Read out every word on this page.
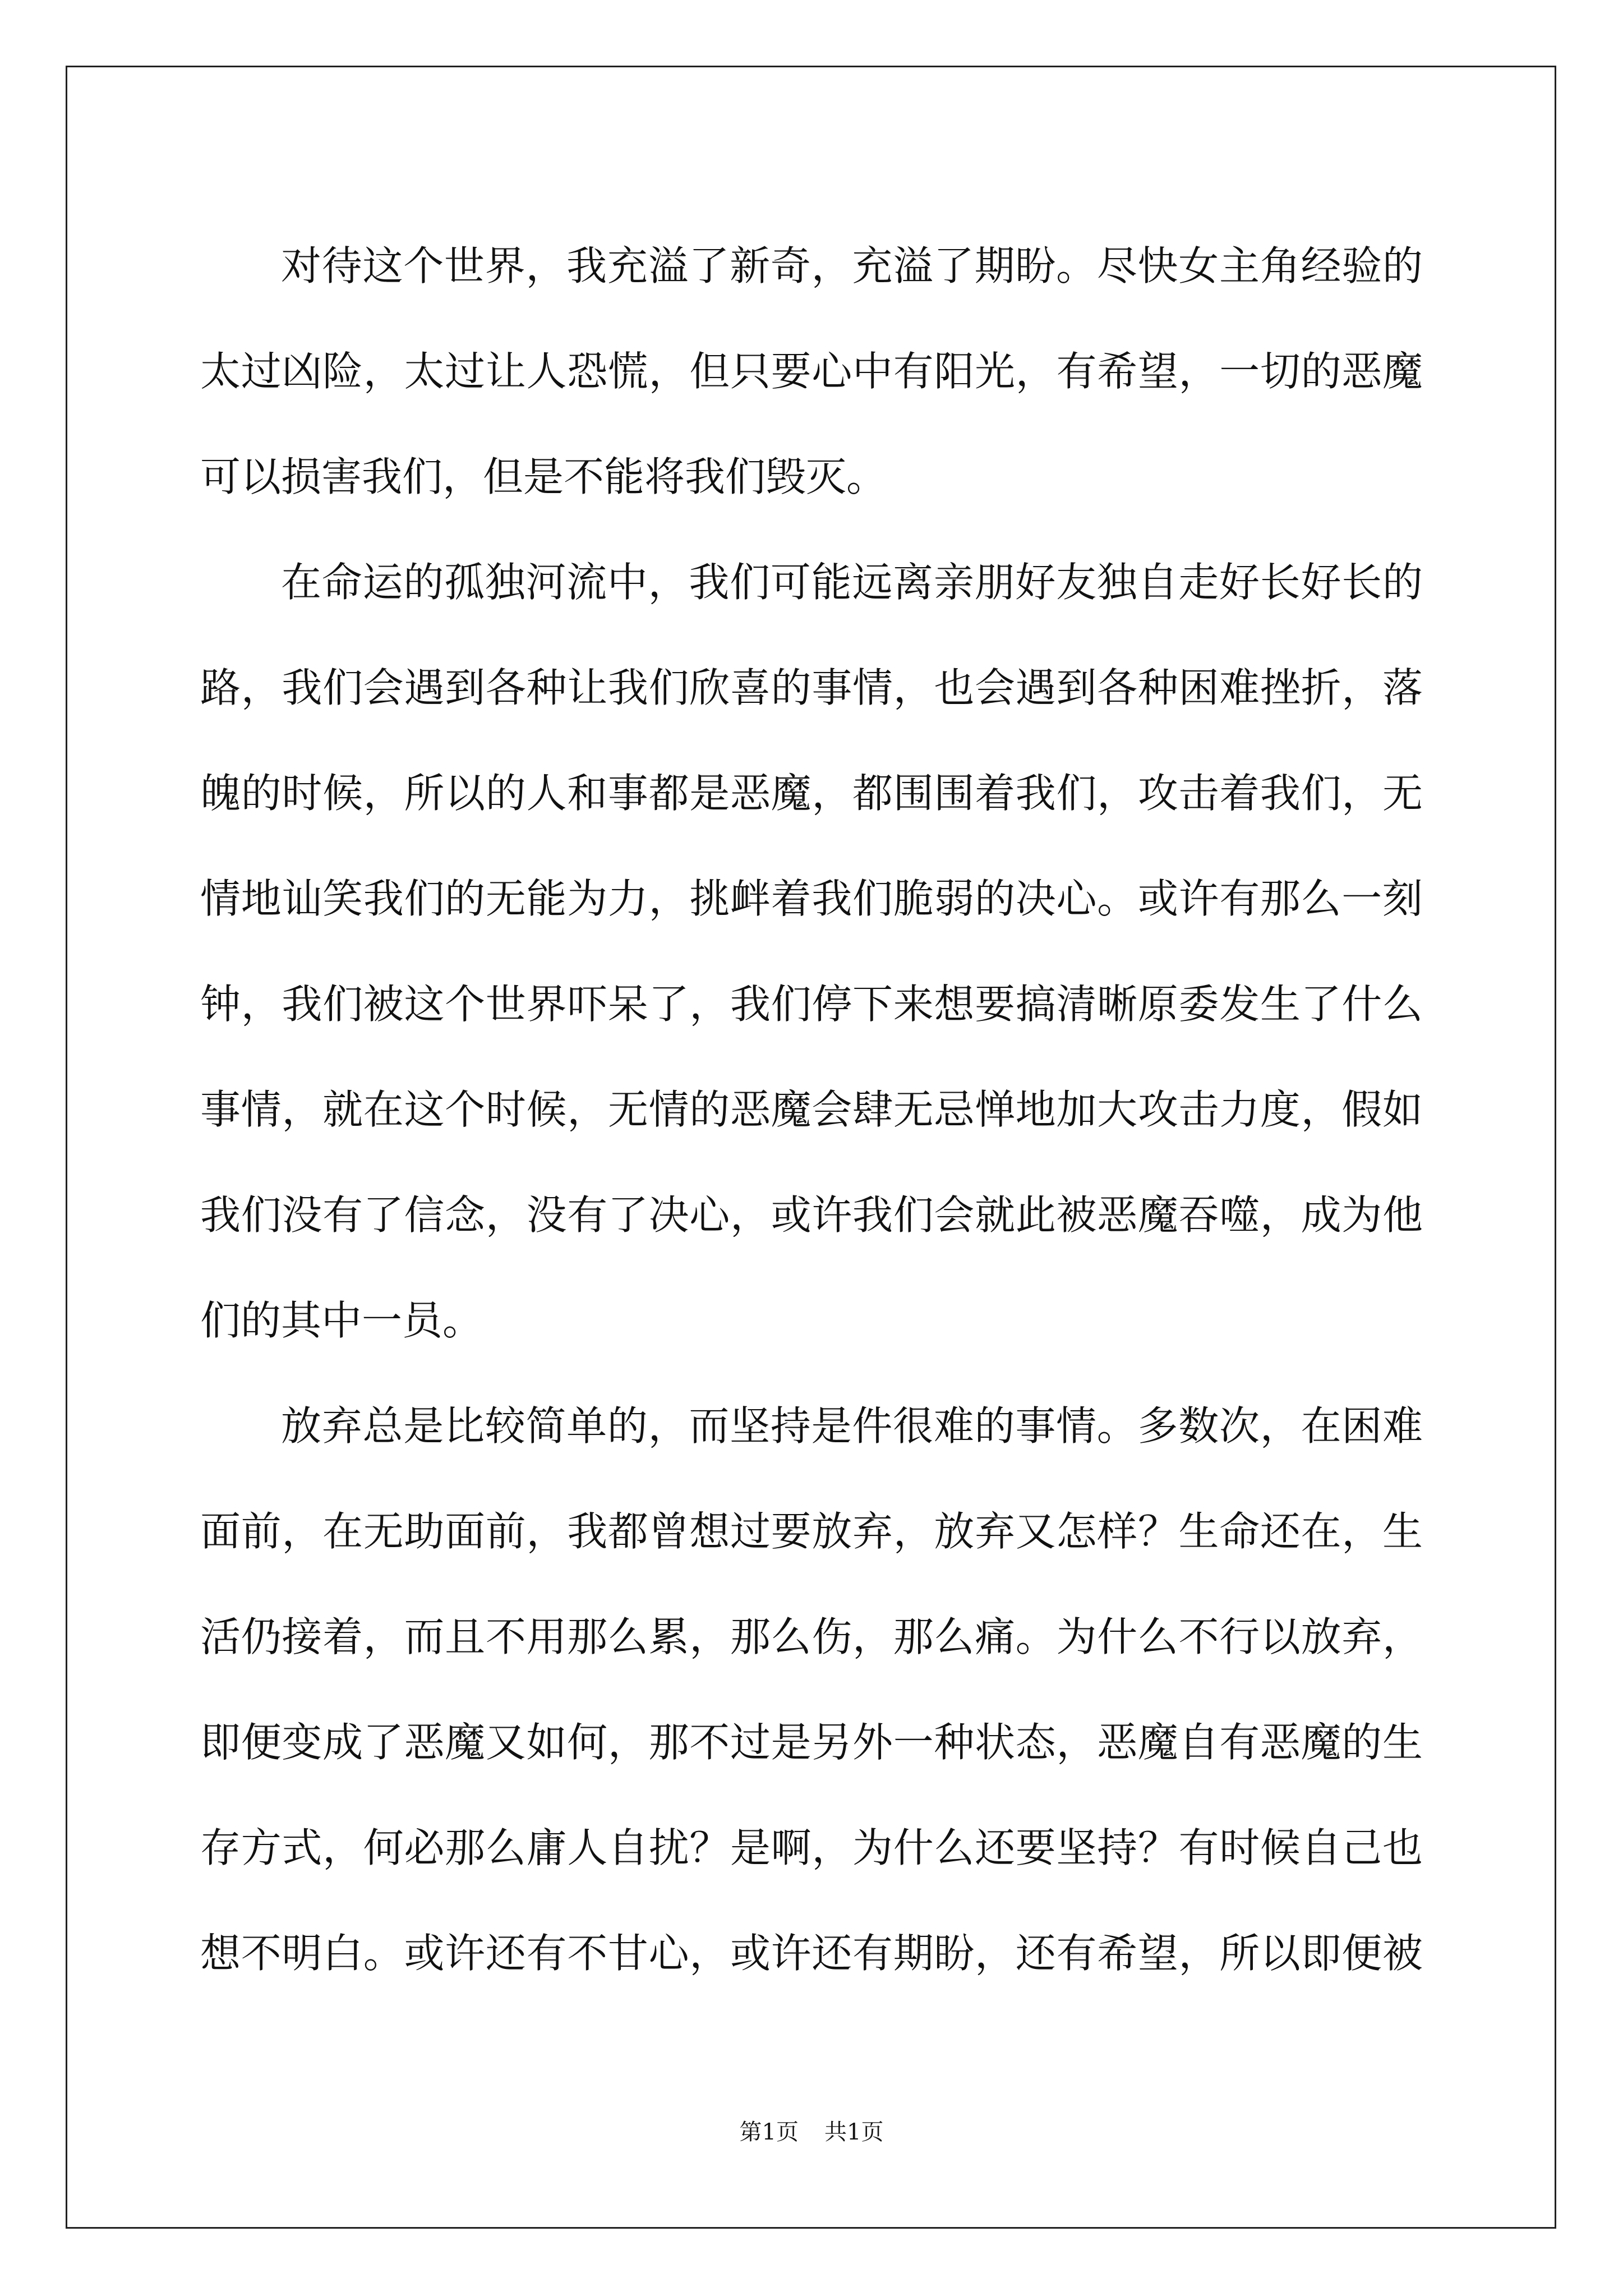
对待这个世界，我充溢了新奇，充溢了期盼。尽快女主角经验的
太过凶险，太过让人恐慌，但只要心中有阳光，有希望，一切的恶魔
可以损害我们，但是不能将我们毁灭。
在命运的孤独河流中，我们可能远离亲朋好友独自走好长好长的
路，我们会遇到各种让我们欣喜的事情，也会遇到各种困难挫折，落
魄的时候，所以的人和事都是恶魔，都围围着我们，攻击着我们，无
情地讪笑我们的无能为力，挑衅着我们脆弱的决心。或许有那么一刻
钟，我们被这个世界吓呆了，我们停下来想要搞清晰原委发生了什么
事情，就在这个时候，无情的恶魔会肆无忌惮地加大攻击力度，假如
我们没有了信念，没有了决心，或许我们会就此被恶魔吞噬，成为他
们的其中一员。
放弃总是比较简单的，而坚持是件很难的事情。多数次，在困难
面前，在无助面前，我都曾想过要放弃，放弃又怎样？生命还在，生
活仍接着，而且不用那么累，那么伤，那么痛。为什么不行以放弃，
即便变成了恶魔又如何，那不过是另外一种状态，恶魔自有恶魔的生
存方式，何必那么庸人自扰？是啊，为什么还要坚持？有时候自己也
想不明白。或许还有不甘心，或许还有期盼，还有希望，所以即便被
第1页 共1页
